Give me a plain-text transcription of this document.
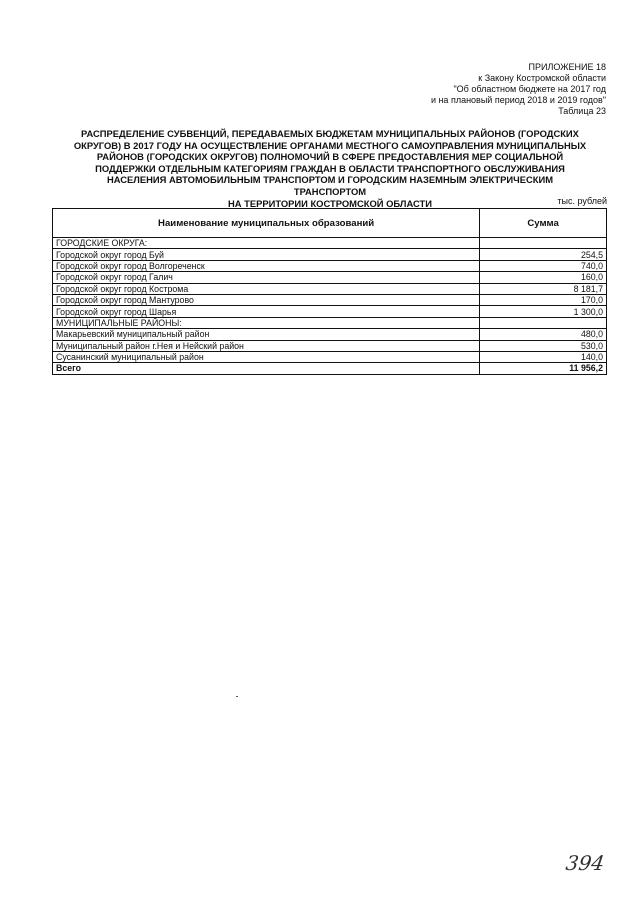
ПРИЛОЖЕНИЕ 18
к Закону Костромской области
"Об областном бюджете на 2017 год
и на плановый период 2018 и 2019 годов"
Таблица 23
РАСПРЕДЕЛЕНИЕ СУБВЕНЦИЙ, ПЕРЕДАВАЕМЫХ БЮДЖЕТАМ МУНИЦИПАЛЬНЫХ РАЙОНОВ (ГОРОДСКИХ
ОКРУГОВ) В 2017 ГОДУ НА ОСУЩЕСТВЛЕНИЕ ОРГАНАМИ МЕСТНОГО САМОУПРАВЛЕНИЯ МУНИЦИПАЛЬНЫХ
РАЙОНОВ (ГОРОДСКИХ ОКРУГОВ) ПОЛНОМОЧИЙ В СФЕРЕ ПРЕДОСТАВЛЕНИЯ МЕР СОЦИАЛЬНОЙ
ПОДДЕРЖКИ ОТДЕЛЬНЫМ КАТЕГОРИЯМ ГРАЖДАН В ОБЛАСТИ ТРАНСПОРТНОГО ОБСЛУЖИВАНИЯ
НАСЕЛЕНИЯ АВТОМОБИЛЬНЫМ ТРАНСПОРТОМ И ГОРОДСКИМ НАЗЕМНЫМ ЭЛЕКТРИЧЕСКИМ ТРАНСПОРТОМ
НА ТЕРРИТОРИИ КОСТРОМСКОЙ ОБЛАСТИ	тыс. рублей
Наименование муниципальных образований	Сумма
ГОРОДСКИЕ ОКРУГА:	
Городской округ город Буй	254,5
Городской округ город Волгореченск	740,0
Городской округ город Галич	160,0
Городской округ город Кострома	8 181,7
Городской округ город Мантурово	170,0
Городской округ город Шарья	1 300,0
МУНИЦИПАЛЬНЫЕ РАЙОНЫ:	
Макарьевский муниципальный район	480,0
Муниципальный район г.Нея и Нейский район	530,0
Сусанинский муниципальный район	140,0
Всего	11 956,2
394
